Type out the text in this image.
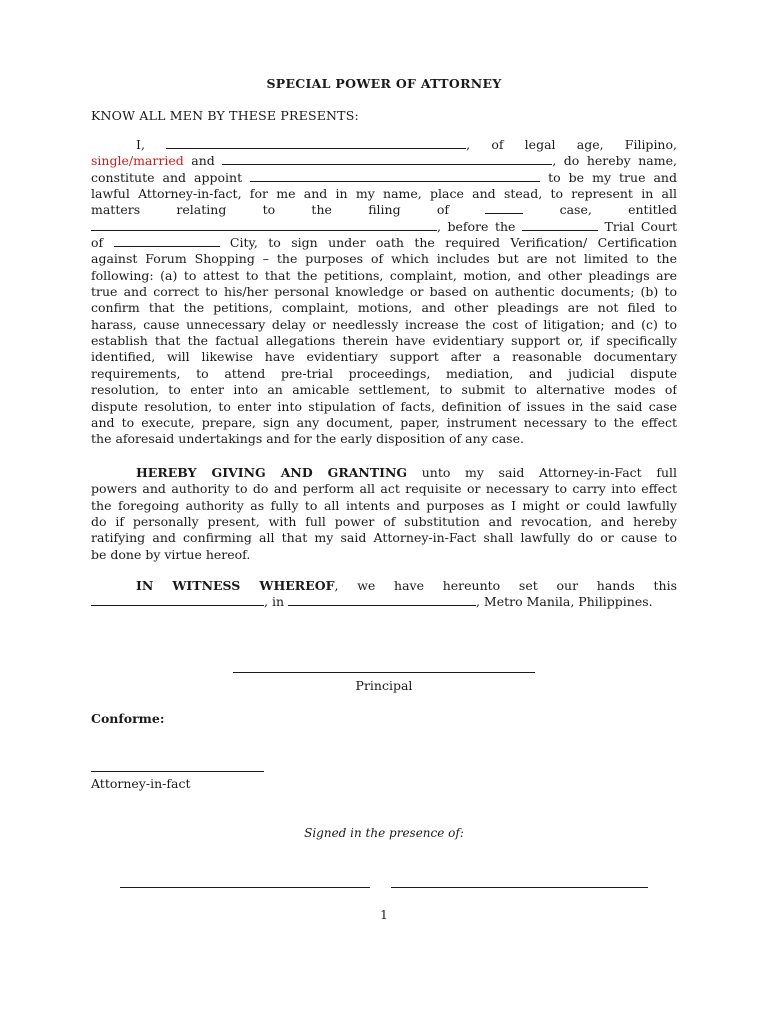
SPECIAL POWER OF ATTORNEY
KNOW ALL MEN BY THESE PRESENTS:
I,	, of legal age, Filipino,
single/married and	, do hereby name,
constitute and appoint	to be my true and
lawful Attorney-in-fact, for me and in my name, place and stead, to represent in all
matters relating to the filing of	case, entitled
, before the	Trial Court
of	City, to sign under oath the required Verification/ Certification
against Forum Shopping – the purposes of which includes but are not limited to the
following: (a) to attest to that the petitions, complaint, motion, and other pleadings are
true and correct to his/her personal knowledge or based on authentic documents; (b) to
confirm that the petitions, complaint, motions, and other pleadings are not filed to
harass, cause unnecessary delay or needlessly increase the cost of litigation; and (c) to
establish that the factual allegations therein have evidentiary support or, if specifically
identified, will likewise have evidentiary support after a reasonable documentary
requirements, to attend pre-trial proceedings, mediation, and judicial dispute
resolution, to enter into an amicable settlement, to submit to alternative modes of
dispute resolution, to enter into stipulation of facts, definition of issues in the said case
and to execute, prepare, sign any document, paper, instrument necessary to the effect
the aforesaid undertakings and for the early disposition of any case.
HEREBY GIVING AND GRANTING unto my said Attorney-in-Fact full
powers and authority to do and perform all act requisite or necessary to carry into effect
the foregoing authority as fully to all intents and purposes as I might or could lawfully
do if personally present, with full power of substitution and revocation, and hereby
ratifying and confirming all that my said Attorney-in-Fact shall lawfully do or cause to
be done by virtue hereof.
IN WITNESS WHEREOF, we have hereunto set our hands this
, in	, Metro Manila, Philippines.
Principal
Conforme:
Attorney-in-fact
Signed in the presence of:
1
